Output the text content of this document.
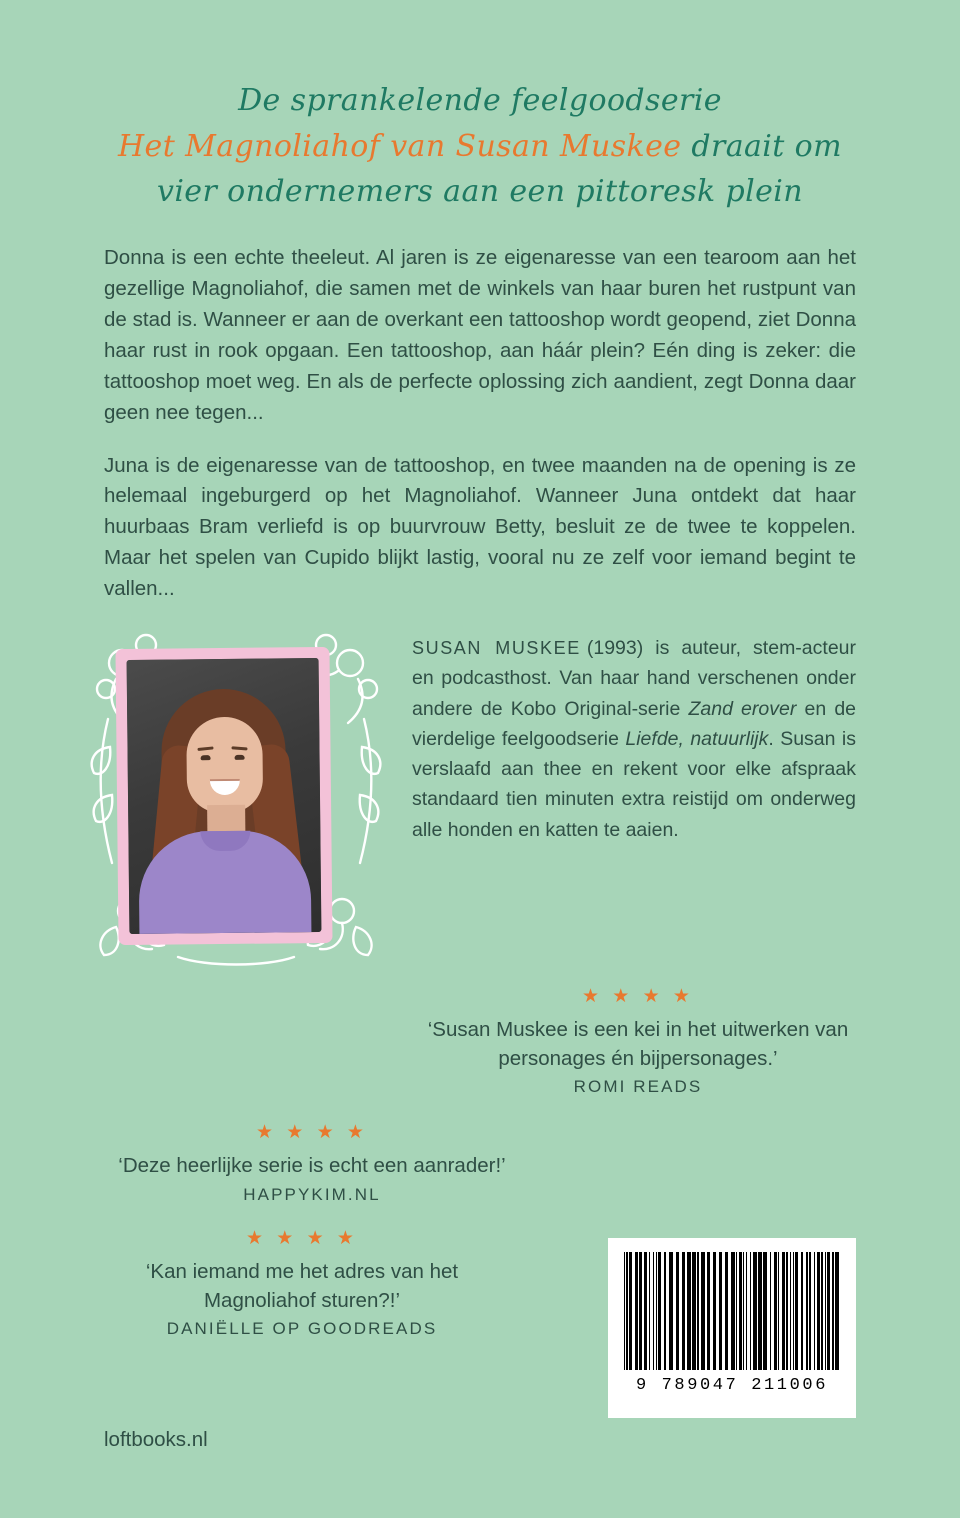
De sprankelende feelgoodserie
Het Magnoliahof van Susan Muskee draait om
vier ondernemers aan een pittoresk plein

Donna is een echte theeleut. Al jaren is ze eigenaresse van een tearoom aan het gezellige Magnoliahof, die samen met de winkels van haar buren het rustpunt van de stad is. Wanneer er aan de overkant een tattooshop wordt geopend, ziet Donna haar rust in rook opgaan. Een tattooshop, aan háár plein? Eén ding is zeker: die tattooshop moet weg. En als de perfecte oplossing zich aandient, zegt Donna daar geen nee tegen...

Juna is de eigenaresse van de tattooshop, en twee maanden na de opening is ze helemaal ingeburgerd op het Magnoliahof. Wanneer Juna ontdekt dat haar huurbaas Bram verliefd is op buurvrouw Betty, besluit ze de twee te koppelen. Maar het spelen van Cupido blijkt lastig, vooral nu ze zelf voor iemand begint te vallen...

SUSAN MUSKEE (1993) is auteur, stem-acteur en podcasthost. Van haar hand verschenen onder andere de Kobo Original-serie Zand erover en de vierdelige feelgoodserie Liefde, natuurlijk. Susan is verslaafd aan thee en rekent voor elke afspraak standaard tien minuten extra reistijd om onderweg alle honden en katten te aaien.

★ ★ ★ ★
‘Susan Muskee is een kei in het uitwerken van personages én bijpersonages.’
ROMI READS
★ ★ ★ ★
‘Deze heerlijke serie is echt een aanrader!’
HAPPYKIM.NL
★ ★ ★ ★
‘Kan iemand me het adres van het Magnoliahof sturen?!’
DANIËLLE OP GOODREADS
9 789047 211006
loftbooks.nl
